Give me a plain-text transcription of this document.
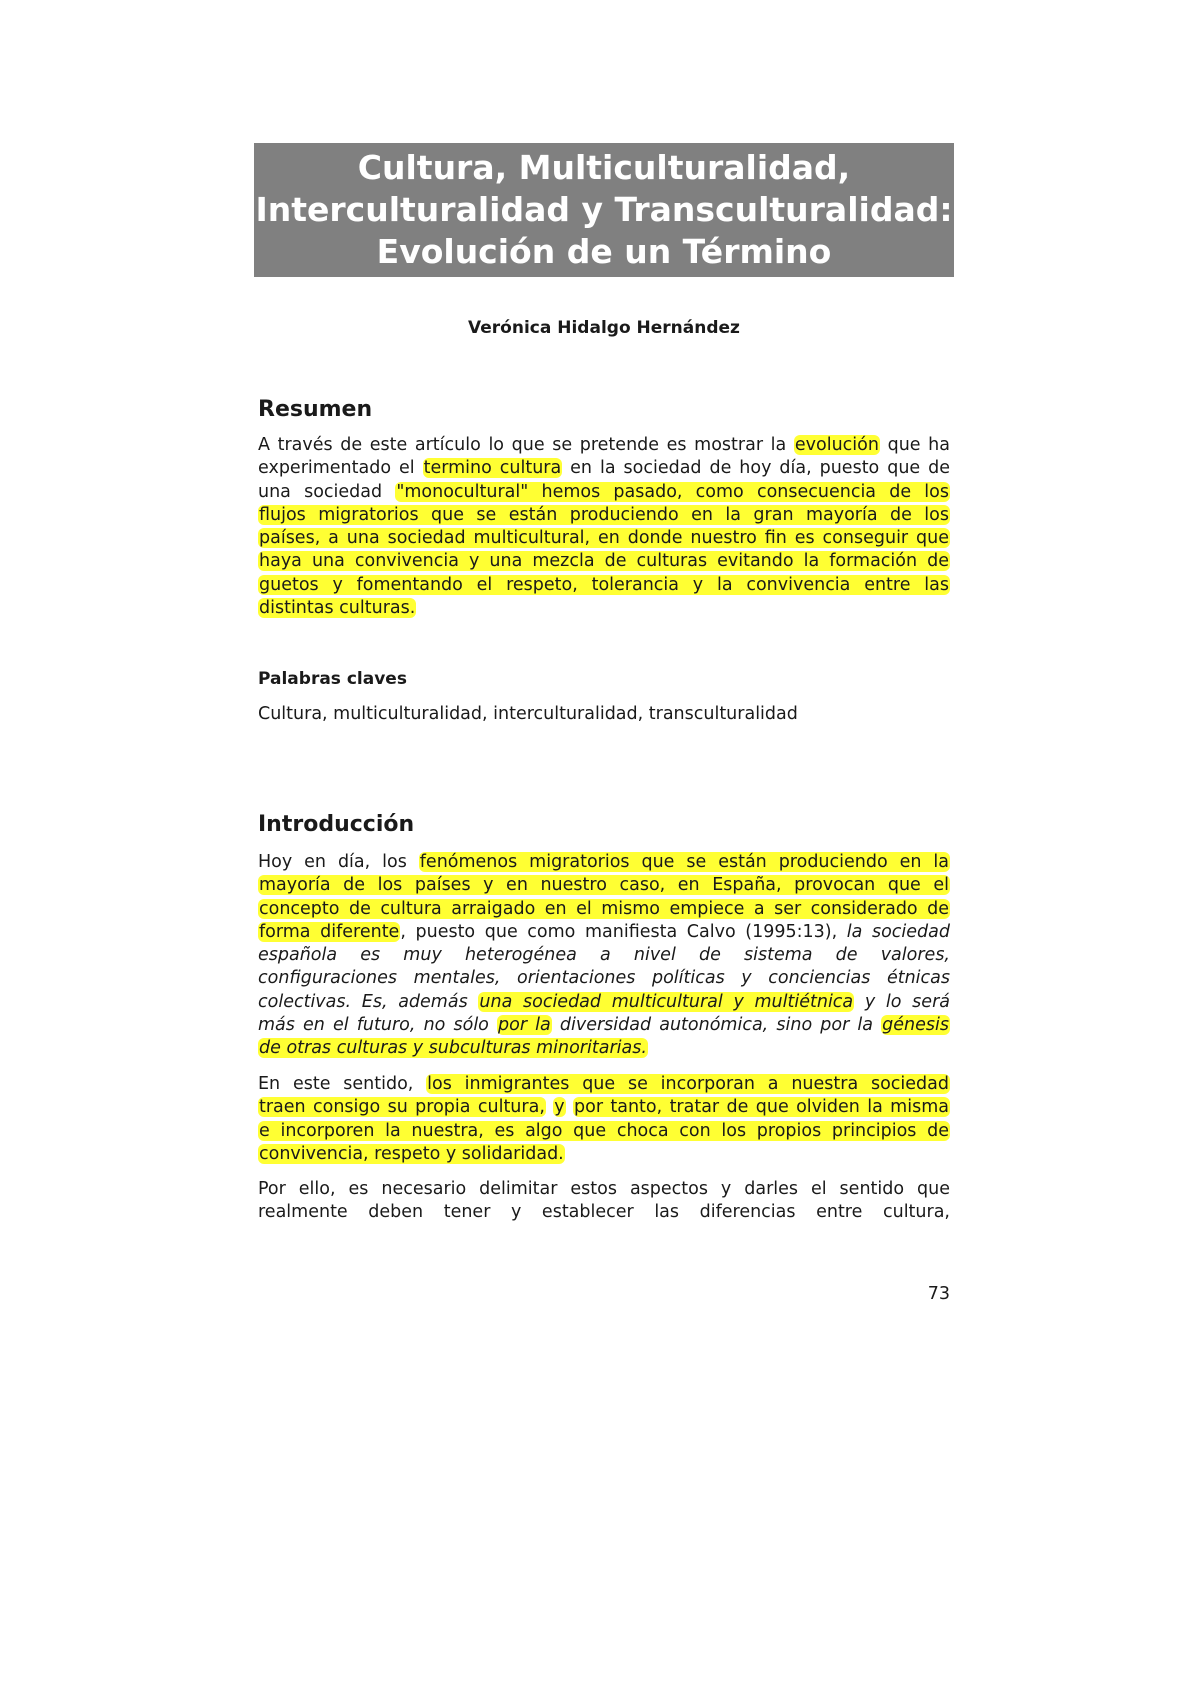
Cultura, Multiculturalidad,
Interculturalidad y Transculturalidad:
Evolución de un Término
Verónica Hidalgo Hernández
Resumen
A través de este artículo lo que se pretende es mostrar la evolución que ha
experimentado el termino cultura en la sociedad de hoy día, puesto que de
una sociedad "monocultural" hemos pasado, como consecuencia de los
flujos migratorios que se están produciendo en la gran mayoría de los
países, a una sociedad multicultural, en donde nuestro fin es conseguir que
haya una convivencia y una mezcla de culturas evitando la formación de
guetos y fomentando el respeto, tolerancia y la convivencia entre las
distintas culturas.
Palabras claves
Cultura, multiculturalidad, interculturalidad, transculturalidad
Introducción
Hoy en día, los fenómenos migratorios que se están produciendo en la
mayoría de los países y en nuestro caso, en España, provocan que el
concepto de cultura arraigado en el mismo empiece a ser considerado de
forma diferente, puesto que como manifiesta Calvo (1995:13), la sociedad
española es muy heterogénea a nivel de sistema de valores,
configuraciones mentales, orientaciones políticas y conciencias étnicas
colectivas. Es, además una sociedad multicultural y multiétnica y lo será
más en el futuro, no sólo por la diversidad autonómica, sino por la génesis
de otras culturas y subculturas minoritarias.
En este sentido, los inmigrantes que se incorporan a nuestra sociedad
traen consigo su propia cultura, y por tanto, tratar de que olviden la misma
e incorporen la nuestra, es algo que choca con los propios principios de
convivencia, respeto y solidaridad.
Por ello, es necesario delimitar estos aspectos y darles el sentido que
realmente deben tener y establecer las diferencias entre cultura,
73
